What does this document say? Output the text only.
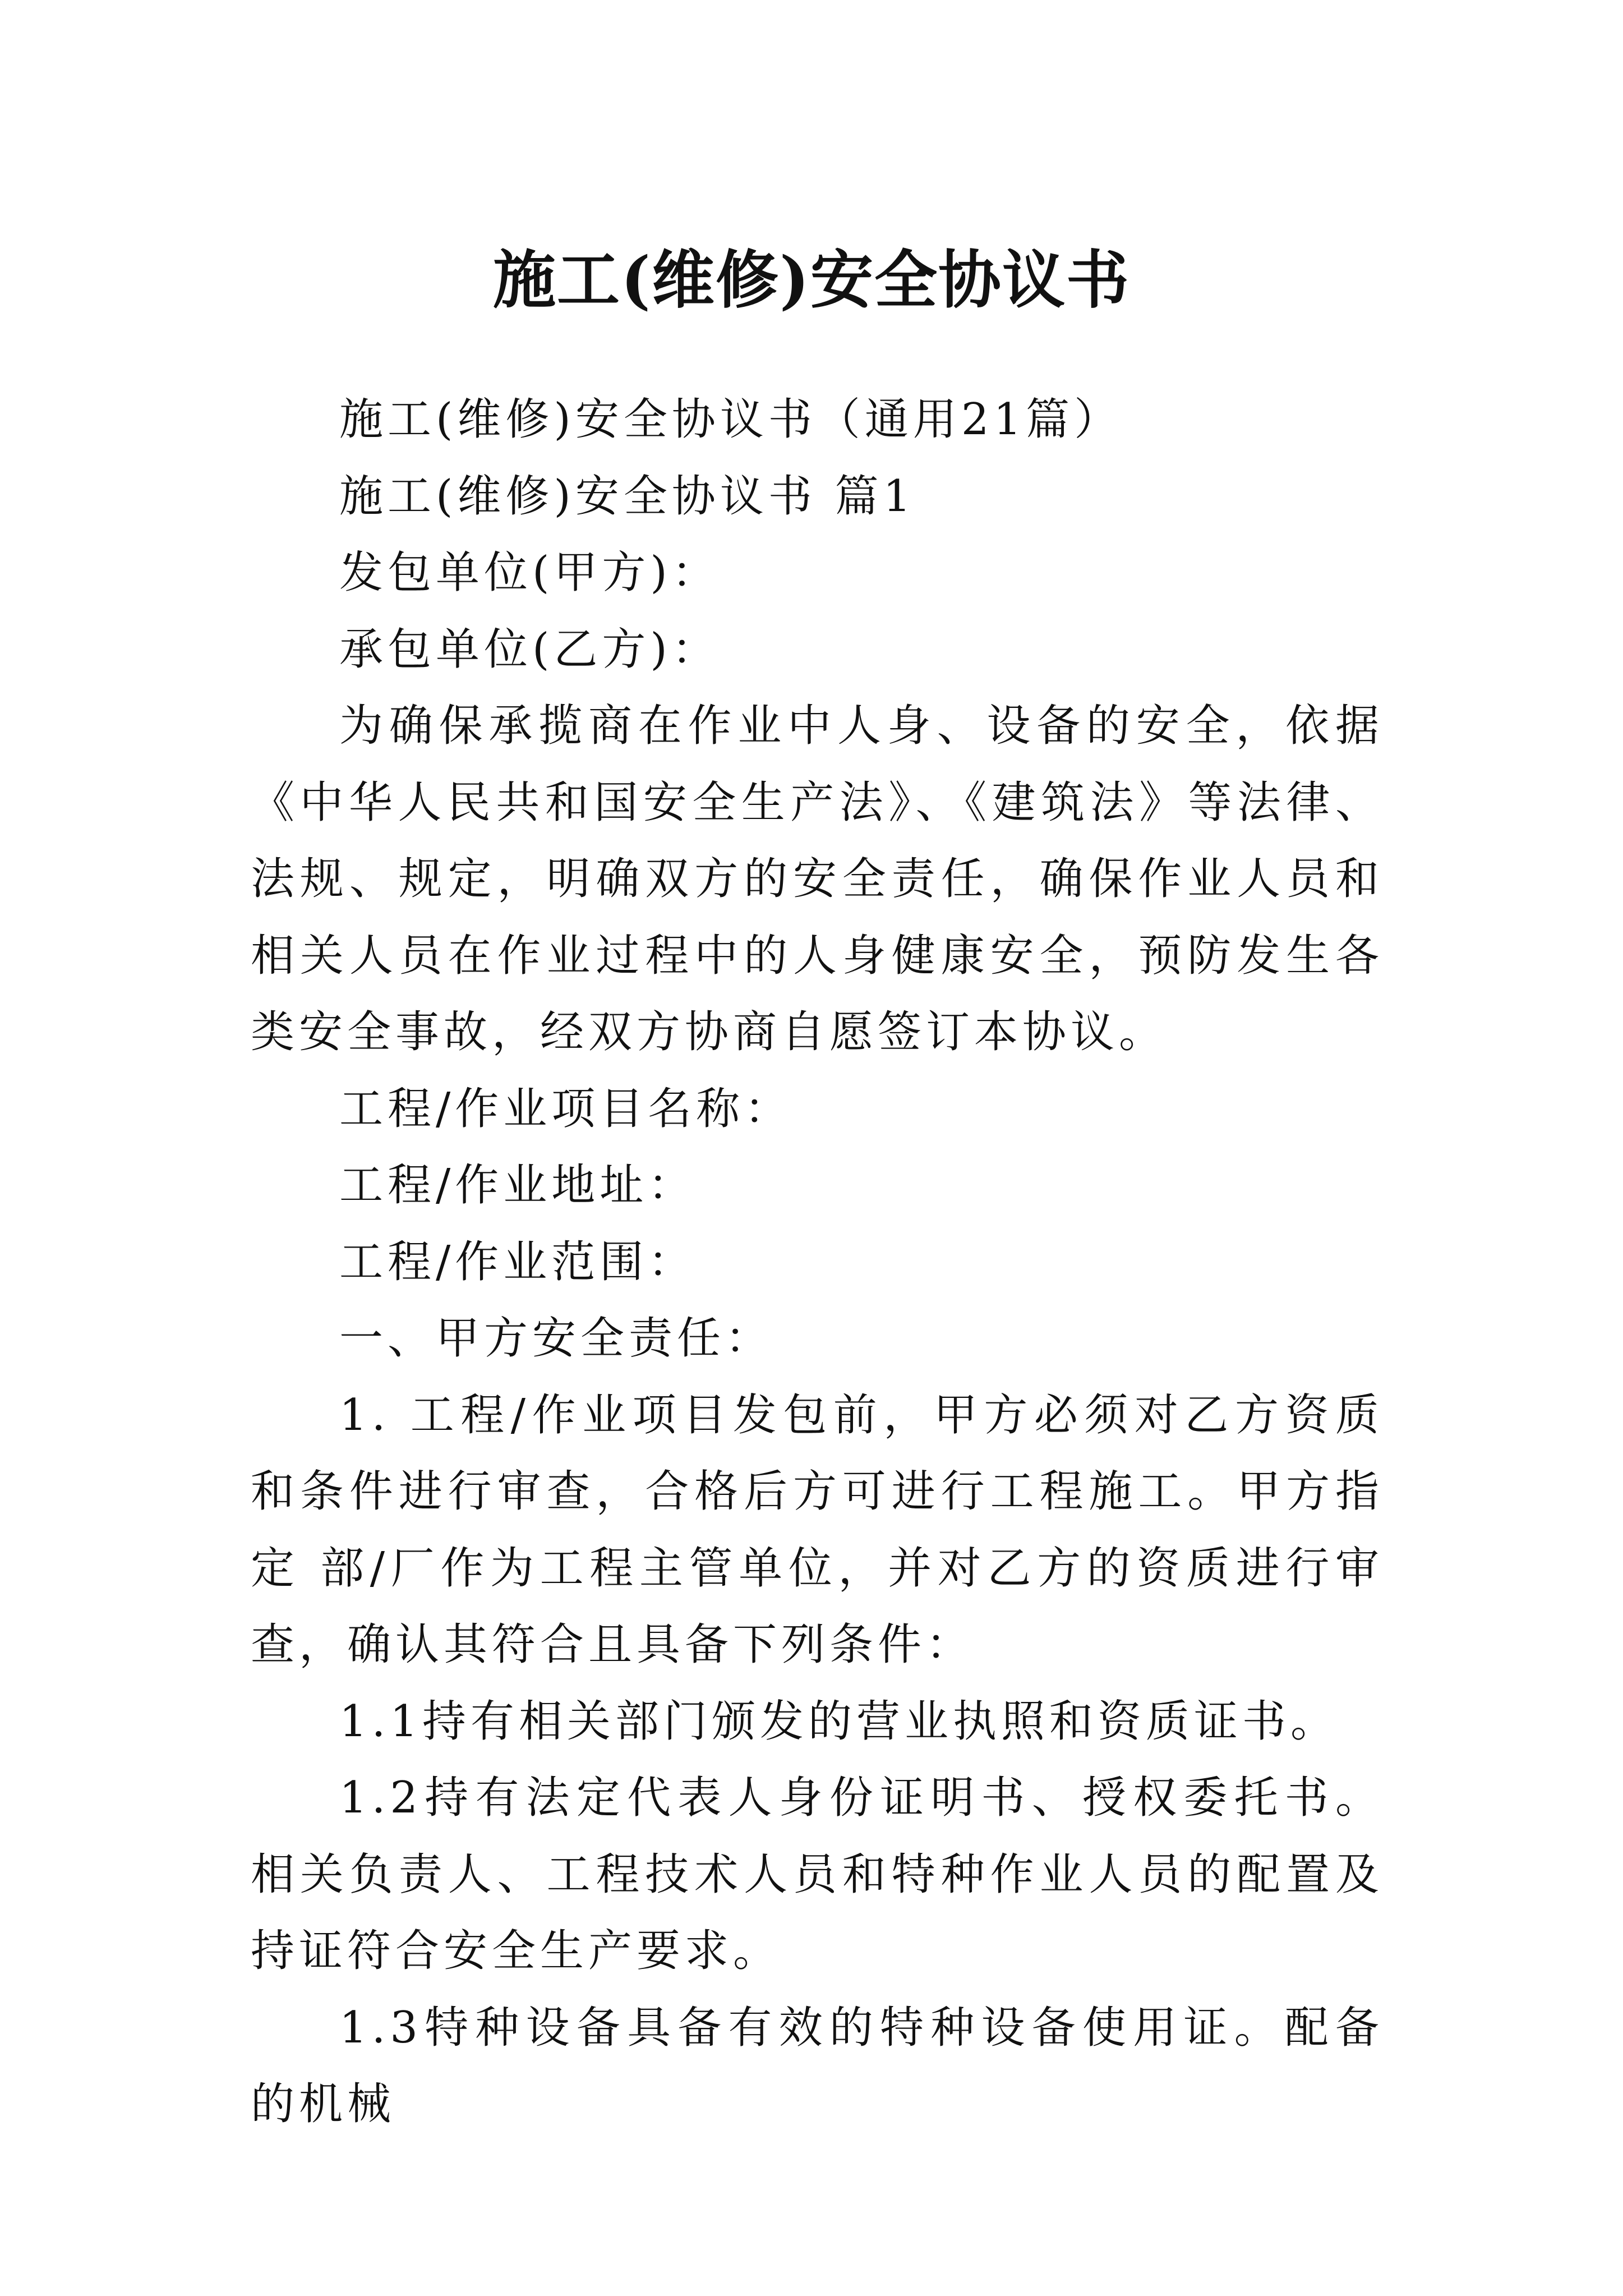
施工(维修)安全协议书

施工(维修)安全协议书（通用21篇）

施工(维修)安全协议书 篇1

发包单位(甲方)：

承包单位(乙方)：

为确保承揽商在作业中人身、设备的安全，依据《中华人民共和国安全生产法》、《建筑法》等法律、法规、规定，明确双方的安全责任，确保作业人员和相关人员在作业过程中的人身健康安全，预防发生各类安全事故，经双方协商自愿签订本协议。

工程/作业项目名称：

工程/作业地址：

工程/作业范围：

一、甲方安全责任：

1. 工程/作业项目发包前，甲方必须对乙方资质和条件进行审查，合格后方可进行工程施工。甲方指定 部/厂作为工程主管单位，并对乙方的资质进行审查，确认其符合且具备下列条件：

1.1持有相关部门颁发的营业执照和资质证书。

1.2持有法定代表人身份证明书、授权委托书。相关负责人、工程技术人员和特种作业人员的配置及持证符合安全生产要求。

1.3特种设备具备有效的特种设备使用证。配备的机械
